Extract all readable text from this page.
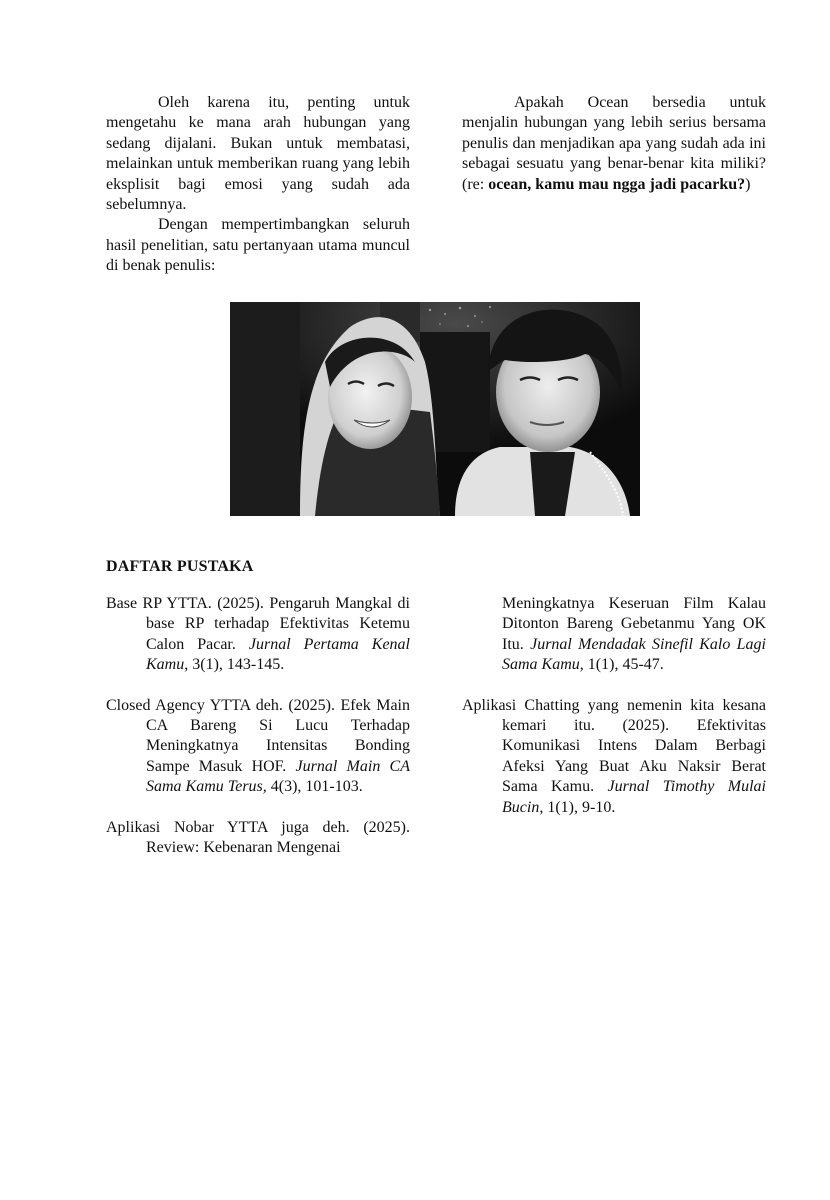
Oleh karena itu, penting untuk mengetahu ke mana arah hubungan yang sedang dijalani. Bukan untuk membatasi, melainkan untuk memberikan ruang yang lebih eksplisit bagi emosi yang sudah ada sebelumnya.

Dengan mempertimbangkan seluruh hasil penelitian, satu pertanyaan utama muncul di benak penulis:

Apakah Ocean bersedia untuk menjalin hubungan yang lebih serius bersama penulis dan menjadikan apa yang sudah ada ini sebagai sesuatu yang benar-benar kita miliki? (re: ocean, kamu mau ngga jadi pacarku?)

DAFTAR PUSTAKA

Base RP YTTA. (2025). Pengaruh Mangkal di base RP terhadap Efektivitas Ketemu Calon Pacar. Jurnal Pertama Kenal Kamu, 3(1), 143-145.

Closed Agency YTTA deh. (2025). Efek Main CA Bareng Si Lucu Terhadap Meningkatnya Intensitas Bonding Sampe Masuk HOF. Jurnal Main CA Sama Kamu Terus, 4(3), 101-103.

Aplikasi Nobar YTTA juga deh. (2025). Review: Kebenaran Mengenai

Meningkatnya Keseruan Film Kalau Ditonton Bareng Gebetanmu Yang OK Itu. Jurnal Mendadak Sinefil Kalo Lagi Sama Kamu, 1(1), 45-47.

Aplikasi Chatting yang nemenin kita kesana kemari itu. (2025). Efektivitas Komunikasi Intens Dalam Berbagi Afeksi Yang Buat Aku Naksir Berat Sama Kamu. Jurnal Timothy Mulai Bucin, 1(1), 9-10.
